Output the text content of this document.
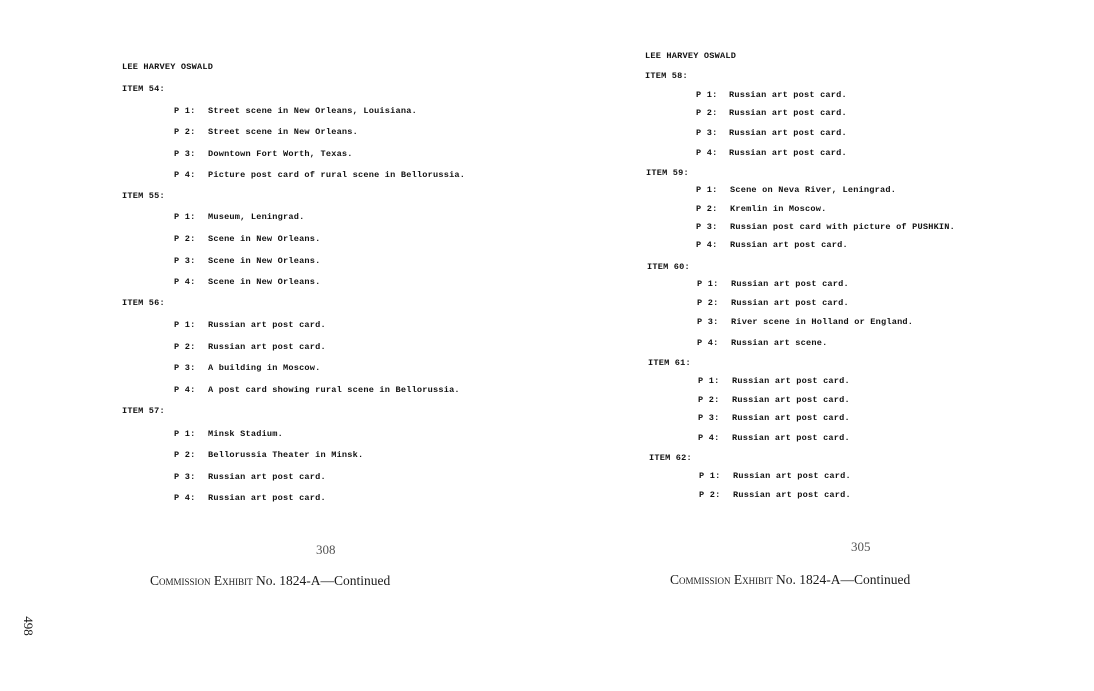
LEE HARVEY OSWALD
ITEM 54:
P 1: Street scene in New Orleans, Louisiana.
P 2: Street scene in New Orleans.
P 3: Downtown Fort Worth, Texas.
P 4: Picture post card of rural scene in Bellorussia.
ITEM 55:
P 1: Museum, Leningrad.
P 2: Scene in New Orleans.
P 3: Scene in New Orleans.
P 4: Scene in New Orleans.
ITEM 56:
P 1: Russian art post card.
P 2: Russian art post card.
P 3: A building in Moscow.
P 4: A post card showing rural scene in Bellorussia.
ITEM 57:
P 1: Minsk Stadium.
P 2: Bellorussia Theater in Minsk.
P 3: Russian art post card.
P 4: Russian art post card.
308
Commission Exhibit No. 1824-A—Continued
LEE HARVEY OSWALD
ITEM 58:
P 1: Russian art post card.
P 2: Russian art post card.
P 3: Russian art post card.
P 4: Russian art post card.
ITEM 59:
P 1: Scene on Neva River, Leningrad.
P 2: Kremlin in Moscow.
P 3: Russian post card with picture of PUSHKIN.
P 4: Russian art post card.
ITEM 60:
P 1: Russian art post card.
P 2: Russian art post card.
P 3: River scene in Holland or England.
P 4: Russian art scene.
ITEM 61:
P 1: Russian art post card.
P 2: Russian art post card.
P 3: Russian art post card.
P 4: Russian art post card.
ITEM 62:
P 1: Russian art post card.
P 2: Russian art post card.
305
Commission Exhibit No. 1824-A—Continued
498
